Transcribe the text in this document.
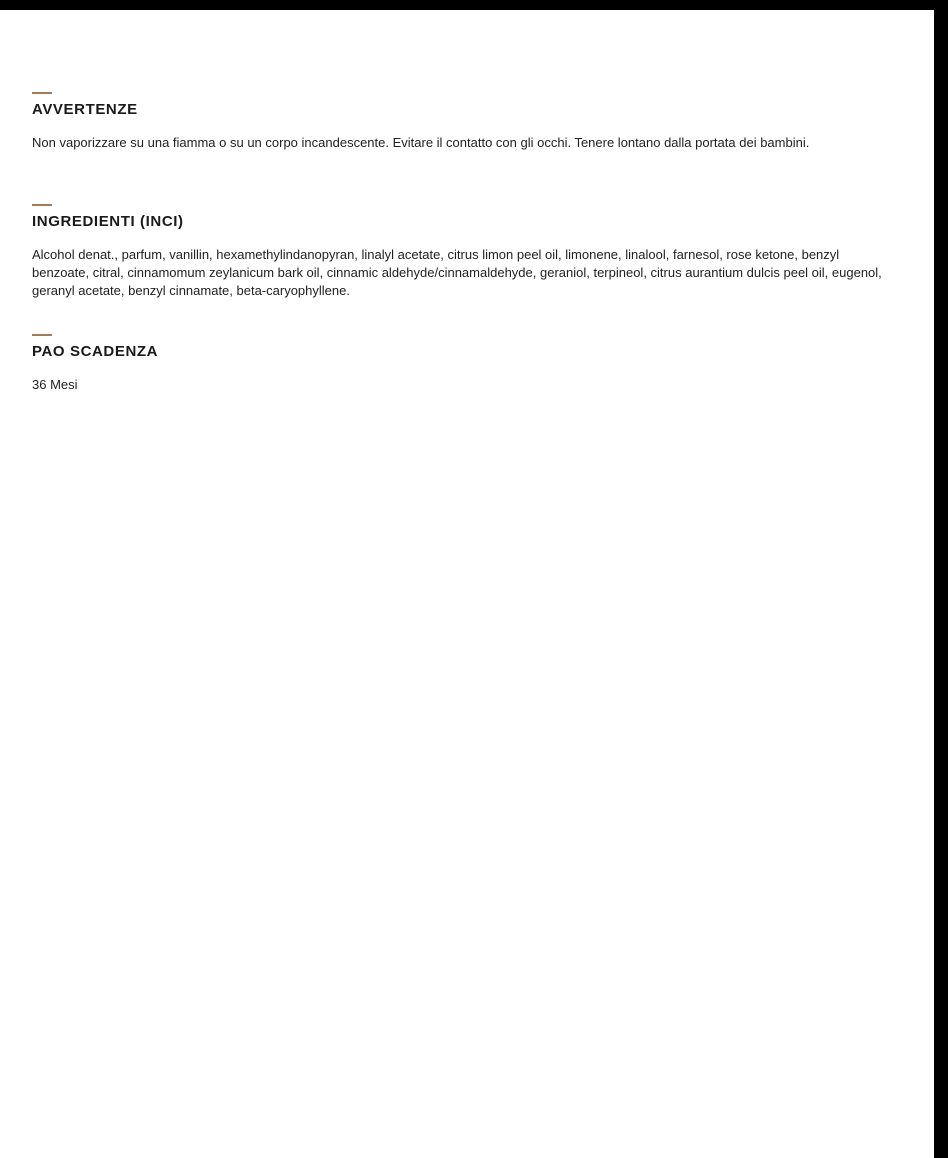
AVVERTENZE

Non vaporizzare su una fiamma o su un corpo incandescente. Evitare il contatto con gli occhi. Tenere lontano dalla portata dei bambini.

INGREDIENTI (INCI)

Alcohol denat., parfum, vanillin, hexamethylindanopyran, linalyl acetate, citrus limon peel oil, limonene, linalool, farnesol, rose ketone, benzyl benzoate, citral, cinnamomum zeylanicum bark oil, cinnamic aldehyde/cinnamaldehyde, geraniol, terpineol, citrus aurantium dulcis peel oil, eugenol, geranyl acetate, benzyl cinnamate, beta-caryophyllene.

PAO SCADENZA

36 Mesi
